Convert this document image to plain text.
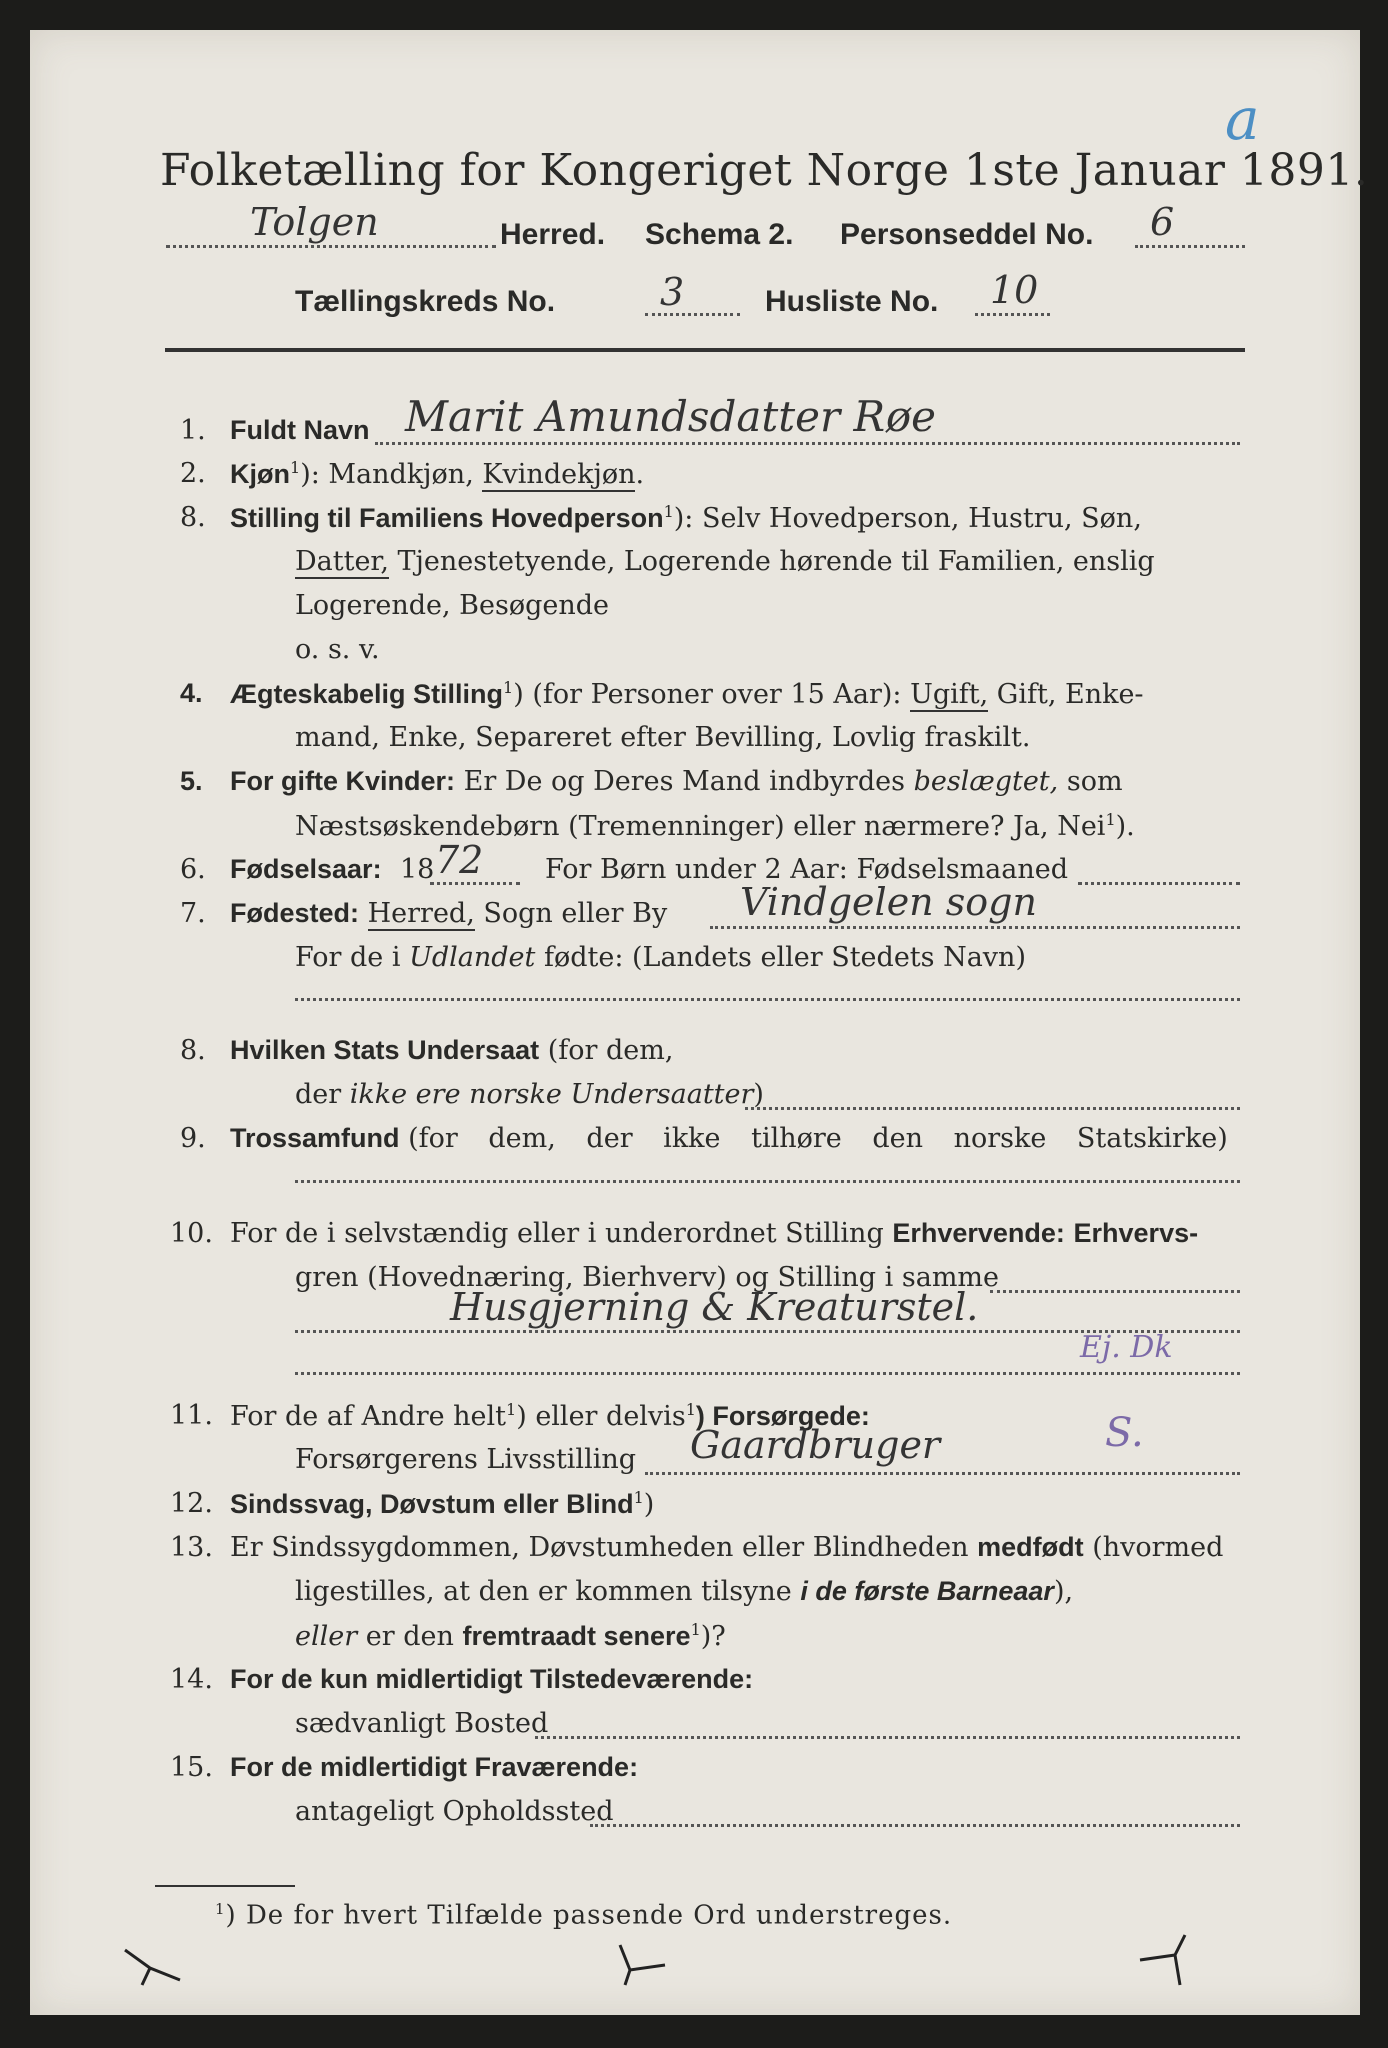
Folketælling for Kongeriget Norge 1ste Januar 1891.
Tolgen	Herred. Schema 2. Personseddel No. 6
Tællingskreds No.	3	Husliste No. 10
a
1. Fuldt Navn Marit Amundsdatter Røe
2. Kjøn$^1$): Mandkjøn, Kvindekjøn.
8. Stilling til Familiens Hovedperson$^1$): Selv Hovedperson, Hustru, Søn,
Datter, Tjenestetyende, Logerende hørende til Familien, enslig
Logerende, Besøgende
o. s. v.
4. Ægteskabelig Stilling$^1$) (for Personer over 15 Aar): Ugift, Gift, Enke-
mand, Enke, Separeret efter Bevilling, Lovlig fraskilt.
5. For gifte Kvinder: Er De og Deres Mand indbyrdes beslægtet, som
Næstsøskendebørn (Tremenninger) eller nærmere? Ja, Nei$^1$).
6. Fødselsaar: 18 72 For Børn under 2 Aar: Fødselsmaaned
7. Fødested: Herred, Sogn eller By Vindgelen sogn
For de i Udlandet fødte: (Landets eller Stedets Navn)
8. Hvilken Stats Undersaat (for dem,
der ikke ere norske Undersaatter)
9. Trossamfund (for dem, der ikke tilhøre den norske Statskirke)
10. For de i selvstændig eller i underordnet Stilling Erhvervende: Erhvervs-
gren (Hovednæring, Bierhverv) og Stilling i samme
Husgjerning & Kreaturstel.
Ej. Dk
11. For de af Andre helt$^1$) eller delvis$^1$) Forsørgede:
Forsørgerens Livsstilling Gaardbruger	S.
12. Sindssvag, Døvstum eller Blind$^1$)
13. Er Sindssygdommen, Døvstumheden eller Blindheden medfødt (hvormed
ligestilles, at den er kommen tilsyne i de første Barneaar),
eller er den fremtraadt senere$^1$)?
14. For de kun midlertidigt Tilstedeværende:
sædvanligt Bosted
15. For de midlertidigt Fraværende:
antageligt Opholdssted
$^1$) De for hvert Tilfælde passende Ord understreges.
